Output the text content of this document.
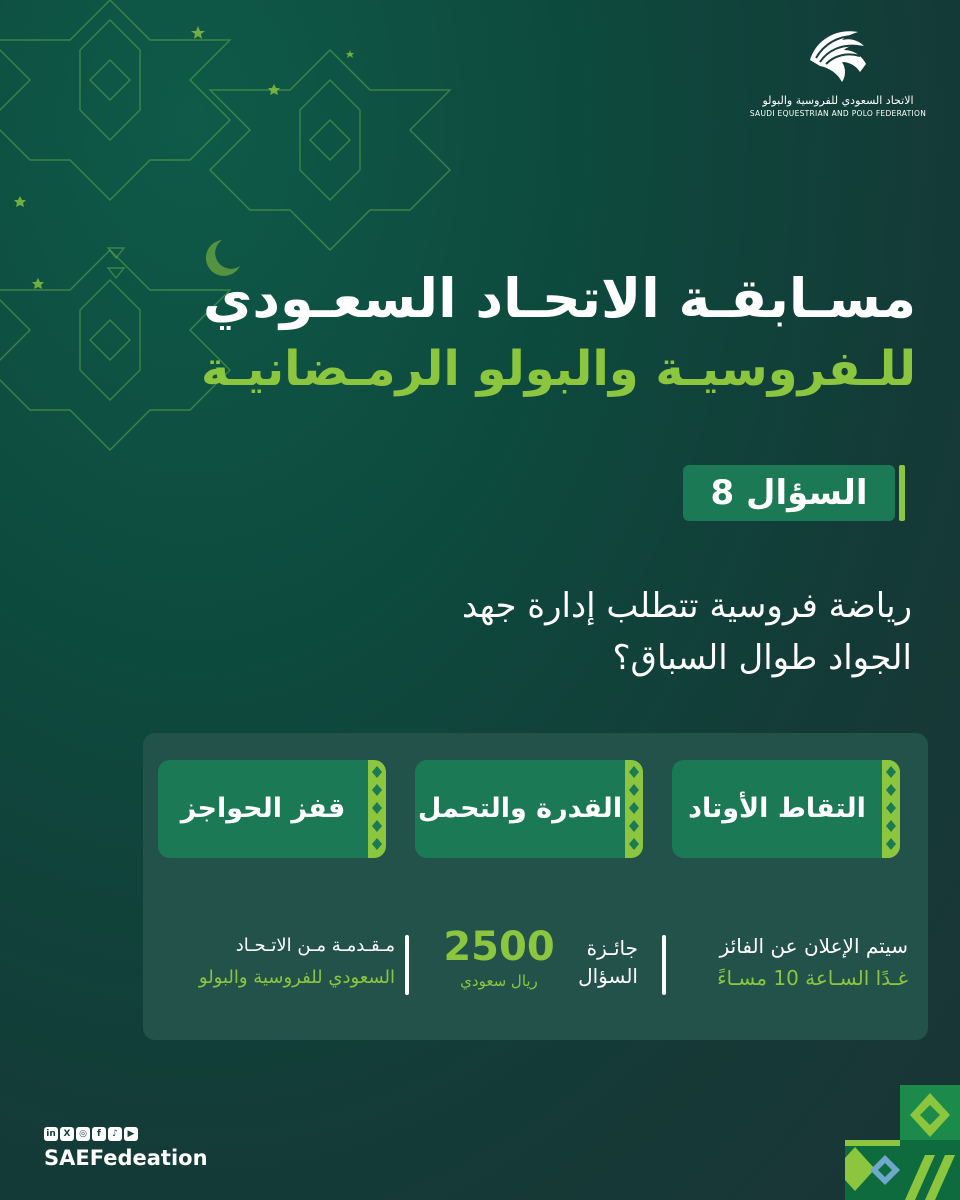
الاتحاد السعودي للفروسية والبولو
SAUDI EQUESTRIAN AND POLO FEDERATION
مسـابقـة الاتحـاد السعـودي
للـفروسيـة والبولو الرمـضانيـة
السؤال 8
رياضة فروسية تتطلب إدارة جهد
الجواد طوال السباق؟
التقاط الأوتاد
القدرة والتحمل
قفز الحواجز
سيتم الإعلان عن الفائز
غـدًا السـاعة 10 مسـاءً
جائـزة
السؤال
2500
ريال سعودي
مـقـدمـة مـن الاتـحـاد
السعودي للفروسية والبولو
in X ◎ f ♪ ▶
SAEFedeation
